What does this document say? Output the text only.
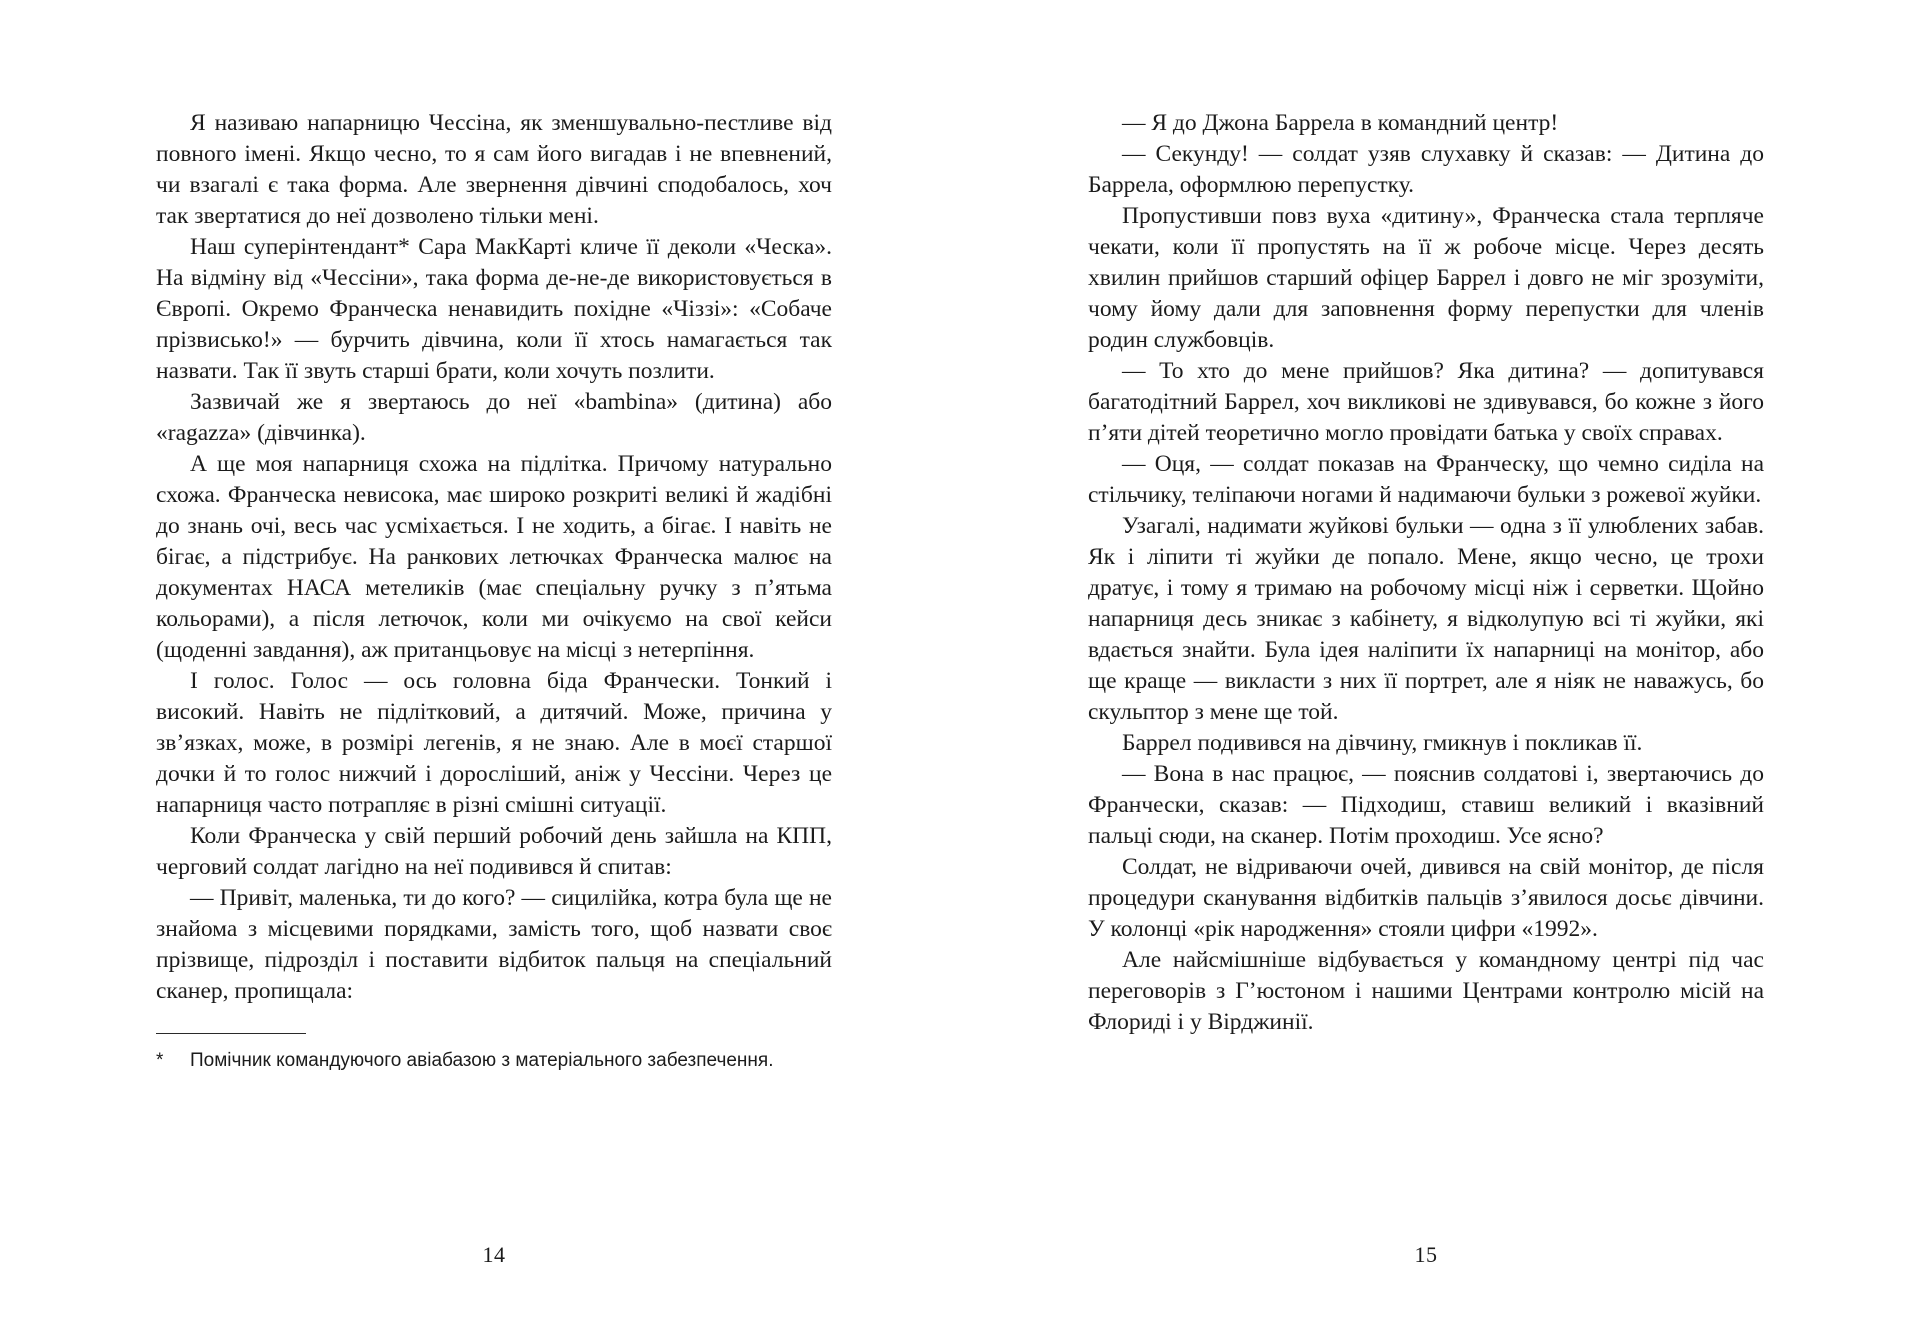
Я називаю напарницю Чессіна, як зменшувально-пестливе від повного імені. Якщо чесно, то я сам його вигадав і не впевнений, чи взагалі є така форма. Але звернення дівчині сподобалось, хоч так звертатися до неї дозволено тільки мені.

Наш суперінтендант* Сара МакКарті кличе її деколи «Ческа». На відміну від «Чессіни», така форма де-не-де використовується в Європі. Окремо Франческа ненавидить похідне «Чіззі»: «Собаче прізвисько!» — бурчить дівчина, коли її хтось намагається так назвати. Так її звуть старші брати, коли хочуть позлити.

Зазвичай же я звертаюсь до неї «bambina» (дитина) або «ragazza» (дівчинка).

А ще моя напарниця схожа на підлітка. Причому натурально схожа. Франческа невисока, має широко розкриті великі й жадібні до знань очі, весь час усміхається. І не ходить, а бігає. І навіть не бігає, а підстрибує. На ранкових летючках Франческа малює на документах НАСА метеликів (має спеціальну ручку з п’ятьма кольорами), а після летючок, коли ми очікуємо на свої кейси (щоденні завдання), аж пританцьовує на місці з нетерпіння.

І голос. Голос — ось головна біда Франчески. Тонкий і високий. Навіть не підлітковий, а дитячий. Може, причина у зв’язках, може, в розмірі легенів, я не знаю. Але в моєї старшої дочки й то голос нижчий і доросліший, аніж у Чессіни. Через це напарниця часто потрапляє в різні смішні ситуації.

Коли Франческа у свій перший робочий день зайшла на КПП, черговий солдат лагідно на неї подивився й спитав:

— Привіт, маленька, ти до кого? — сицилійка, котра була ще не знайома з місцевими порядками, замість того, щоб назвати своє прізвище, підрозділ і поставити відбиток пальця на спеціальний сканер, пропищала:

*	Помічник командуючого авіабазою з матеріального забезпечення.
14

— Я до Джона Баррела в командний центр!

— Секунду! — солдат узяв слухавку й сказав: — Дитина до Баррела, оформлюю перепустку.

Пропустивши повз вуха «дитину», Франческа стала терпляче чекати, коли її пропустять на її ж робоче місце. Через десять хвилин прийшов старший офіцер Баррел і довго не міг зрозуміти, чому йому дали для заповнення форму перепустки для членів родин службовців.

— То хто до мене прийшов? Яка дитина? — допитувався багатодітний Баррел, хоч викликові не здивувався, бо кожне з його п’яти дітей теоретично могло провідати батька у своїх справах.

— Оця, — солдат показав на Франческу, що чемно сиділа на стільчику, теліпаючи ногами й надимаючи бульки з рожевої жуйки.

Узагалі, надимати жуйкові бульки — одна з її улюблених забав. Як і ліпити ті жуйки де попало. Мене, якщо чесно, це трохи дратує, і тому я тримаю на робочому місці ніж і серветки. Щойно напарниця десь зникає з кабінету, я відколупую всі ті жуйки, які вдається знайти. Була ідея наліпити їх напарниці на монітор, або ще краще — викласти з них її портрет, але я ніяк не наважусь, бо скульптор з мене ще той.

Баррел подивився на дівчину, гмикнув і покликав її.

— Вона в нас працює, — пояснив солдатові і, звертаючись до Франчески, сказав: — Підходиш, ставиш великий і вказівний пальці сюди, на сканер. Потім проходиш. Усе ясно?

Солдат, не відриваючи очей, дивився на свій монітор, де після процедури сканування відбитків пальців з’явилося досьє дівчини. У колонці «рік народження» стояли цифри «1992».

Але найсмішніше відбувається у командному центрі під час переговорів з Г’юстоном і нашими Центрами контролю місій на Флориді і у Вірджинії.

15
